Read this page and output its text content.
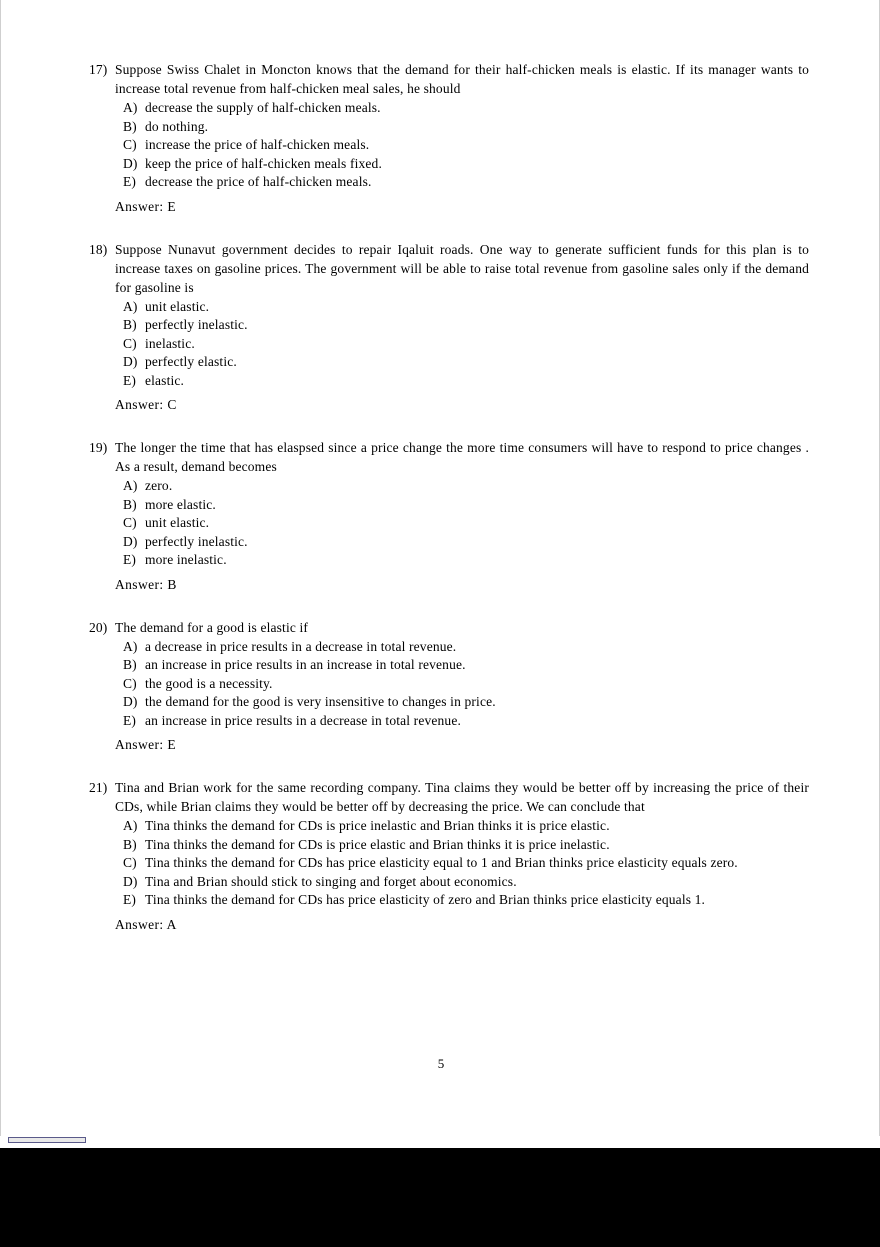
17) Suppose Swiss Chalet in Moncton knows that the demand for their half-chicken meals is elastic. If its manager wants to increase total revenue from half-chicken meal sales, he should
A) decrease the supply of half-chicken meals.
B) do nothing.
C) increase the price of half-chicken meals.
D) keep the price of half-chicken meals fixed.
E) decrease the price of half-chicken meals.
Answer: E
18) Suppose Nunavut government decides to repair Iqaluit roads. One way to generate sufficient funds for this plan is to increase taxes on gasoline prices. The government will be able to raise total revenue from gasoline sales only if the demand for gasoline is
A) unit elastic.
B) perfectly inelastic.
C) inelastic.
D) perfectly elastic.
E) elastic.
Answer: C
19) The longer the time that has elaspsed since a price change the more time consumers will have to respond to price changes . As a result, demand becomes
A) zero.
B) more elastic.
C) unit elastic.
D) perfectly inelastic.
E) more inelastic.
Answer: B
20) The demand for a good is elastic if
A) a decrease in price results in a decrease in total revenue.
B) an increase in price results in an increase in total revenue.
C) the good is a necessity.
D) the demand for the good is very insensitive to changes in price.
E) an increase in price results in a decrease in total revenue.
Answer: E
21) Tina and Brian work for the same recording company. Tina claims they would be better off by increasing the price of their CDs, while Brian claims they would be better off by decreasing the price. We can conclude that
A) Tina thinks the demand for CDs is price inelastic and Brian thinks it is price elastic.
B) Tina thinks the demand for CDs is price elastic and Brian thinks it is price inelastic.
C) Tina thinks the demand for CDs has price elasticity equal to 1 and Brian thinks price elasticity equals zero.
D) Tina and Brian should stick to singing and forget about economics.
E) Tina thinks the demand for CDs has price elasticity of zero and Brian thinks price elasticity equals 1.
Answer: A
5
